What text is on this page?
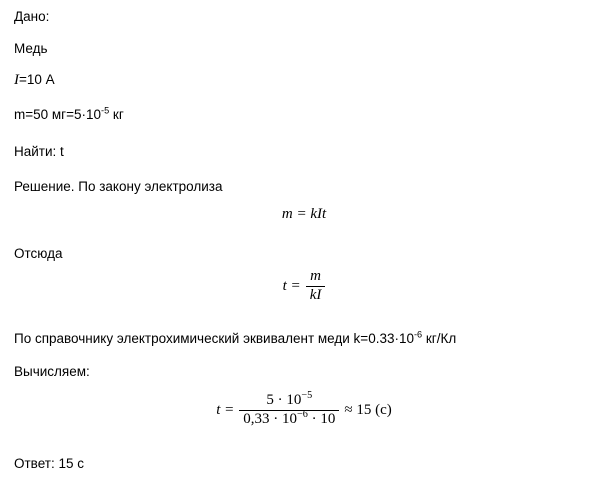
Дано:
Медь
I=10 А
m=50 $мг=5\cdot 10^{-5}$ кг
Найти: t
Решение. По закону электролиза
m = kIt
Отсюда
$t = \frac{m}{kI}$
По справочнику электрохимический эквивалент меди $k=0.33\cdot 10^{-6}$ кг/Кл
Вычисляем:
$t = \frac{5 \cdot 10^{-5}}{0,33 \cdot 10^{-6} \cdot 10} \approx 15$ (с)
Ответ: 15 с
